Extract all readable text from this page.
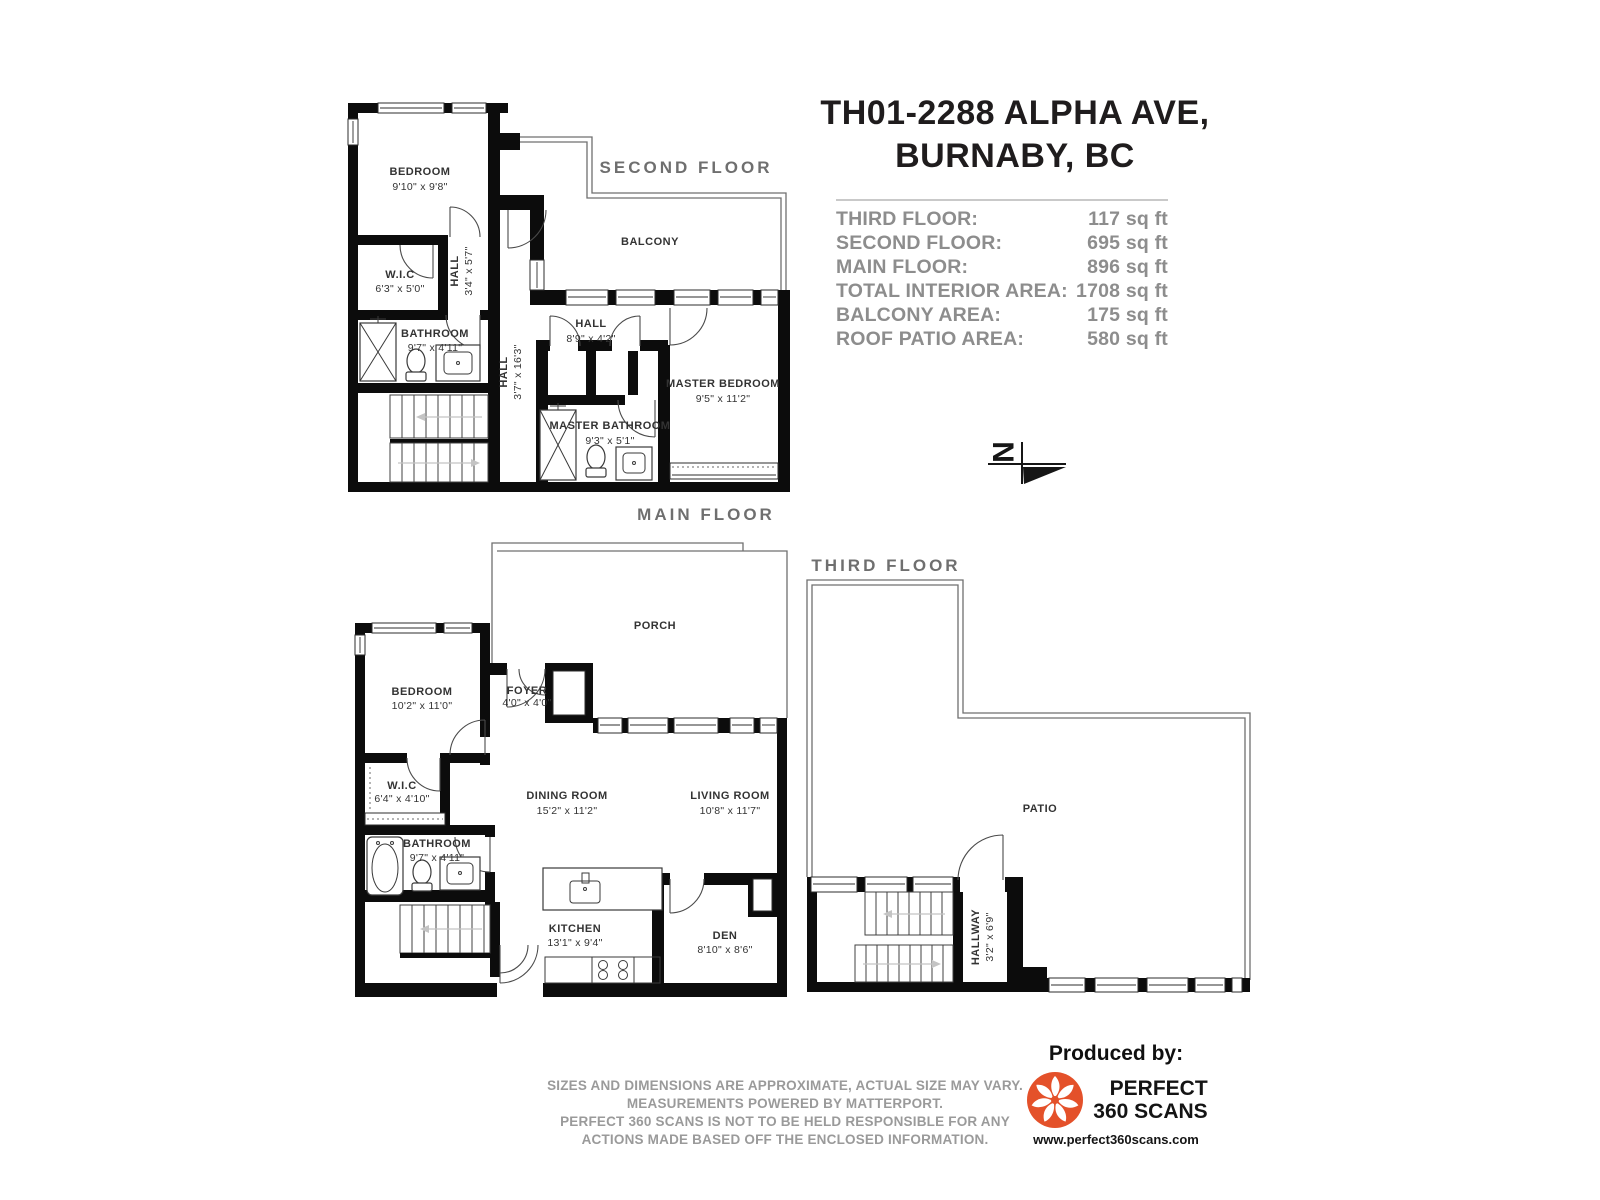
TH01-2288 ALPHA AVE,
BURNABY, BC
THIRD FLOOR:	117 sq ft
SECOND FLOOR:	695 sq ft
MAIN FLOOR:	896 sq ft
TOTAL INTERIOR AREA: 1708 sq ft
BALCONY AREA:	175 sq ft
ROOF PATIO AREA:	580 sq ft
SECOND FLOOR
MAIN FLOOR
THIRD FLOOR
BEDROOM
9'10" x 9'8"
W.I.C
6'3" x 5'0"
HALL 3'4" x 5'7"
BATHROOM
9'7" x 4'11"
HALL 3'7" x 16'3"
HALL
8'9" x 4'2"
BALCONY
MASTER BEDROOM
9'5" x 11'2"
MASTER BATHROOM
9'3" x 5'1"
BEDROOM
10'2" x 11'0"
FOYER
4'0" x 4'0"
PORCH
W.I.C
6'4" x 4'10"	DINING ROOM
15'2" x 11'2"
LIVING ROOM
10'8" x 11'7"
BATHROOM
9'7" x 4'11"
KITCHEN
13'1" x 9'4"
DEN
8'10" x 8'6"
PATIO
HALLWAY 3'2" x 6'9"
N
SIZES AND DIMENSIONS ARE APPROXIMATE, ACTUAL SIZE MAY VARY.
MEASUREMENTS POWERED BY MATTERPORT.
PERFECT 360 SCANS IS NOT TO BE HELD RESPONSIBLE FOR ANY
ACTIONS MADE BASED OFF THE ENCLOSED INFORMATION.
Produced by:
PERFECT
360 SCANS
www.perfect360scans.com
